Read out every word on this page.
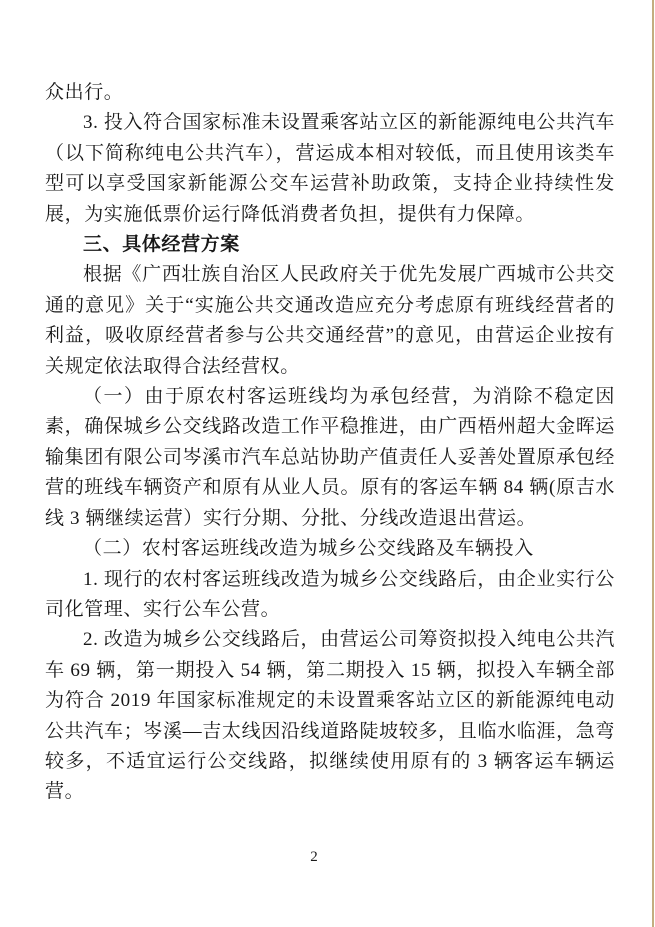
众出行。

3. 投入符合国家标准未设置乘客站立区的新能源纯电公共汽车（以下简称纯电公共汽车），营运成本相对较低，而且使用该类车型可以享受国家新能源公交车运营补助政策，支持企业持续性发展，为实施低票价运行降低消费者负担，提供有力保障。

三、具体经营方案

根据《广西壮族自治区人民政府关于优先发展广西城市公共交通的意见》关于“实施公共交通改造应充分考虑原有班线经营者的利益，吸收原经营者参与公共交通经营”的意见，由营运企业按有关规定依法取得合法经营权。

（一）由于原农村客运班线均为承包经营，为消除不稳定因素，确保城乡公交线路改造工作平稳推进，由广西梧州超大金晖运输集团有限公司岑溪市汽车总站协助产值责任人妥善处置原承包经营的班线车辆资产和原有从业人员。原有的客运车辆 84 辆(原吉水线 3 辆继续运营）实行分期、分批、分线改造退出营运。

（二）农村客运班线改造为城乡公交线路及车辆投入

1. 现行的农村客运班线改造为城乡公交线路后，由企业实行公司化管理、实行公车公营。

2. 改造为城乡公交线路后，由营运公司筹资拟投入纯电公共汽车 69 辆，第一期投入 54 辆，第二期投入 15 辆，拟投入车辆全部为符合 2019 年国家标准规定的未设置乘客站立区的新能源纯电动公共汽车；岑溪—吉太线因沿线道路陡坡较多，且临水临涯，急弯较多，不适宜运行公交线路，拟继续使用原有的 3 辆客运车辆运营。

2
